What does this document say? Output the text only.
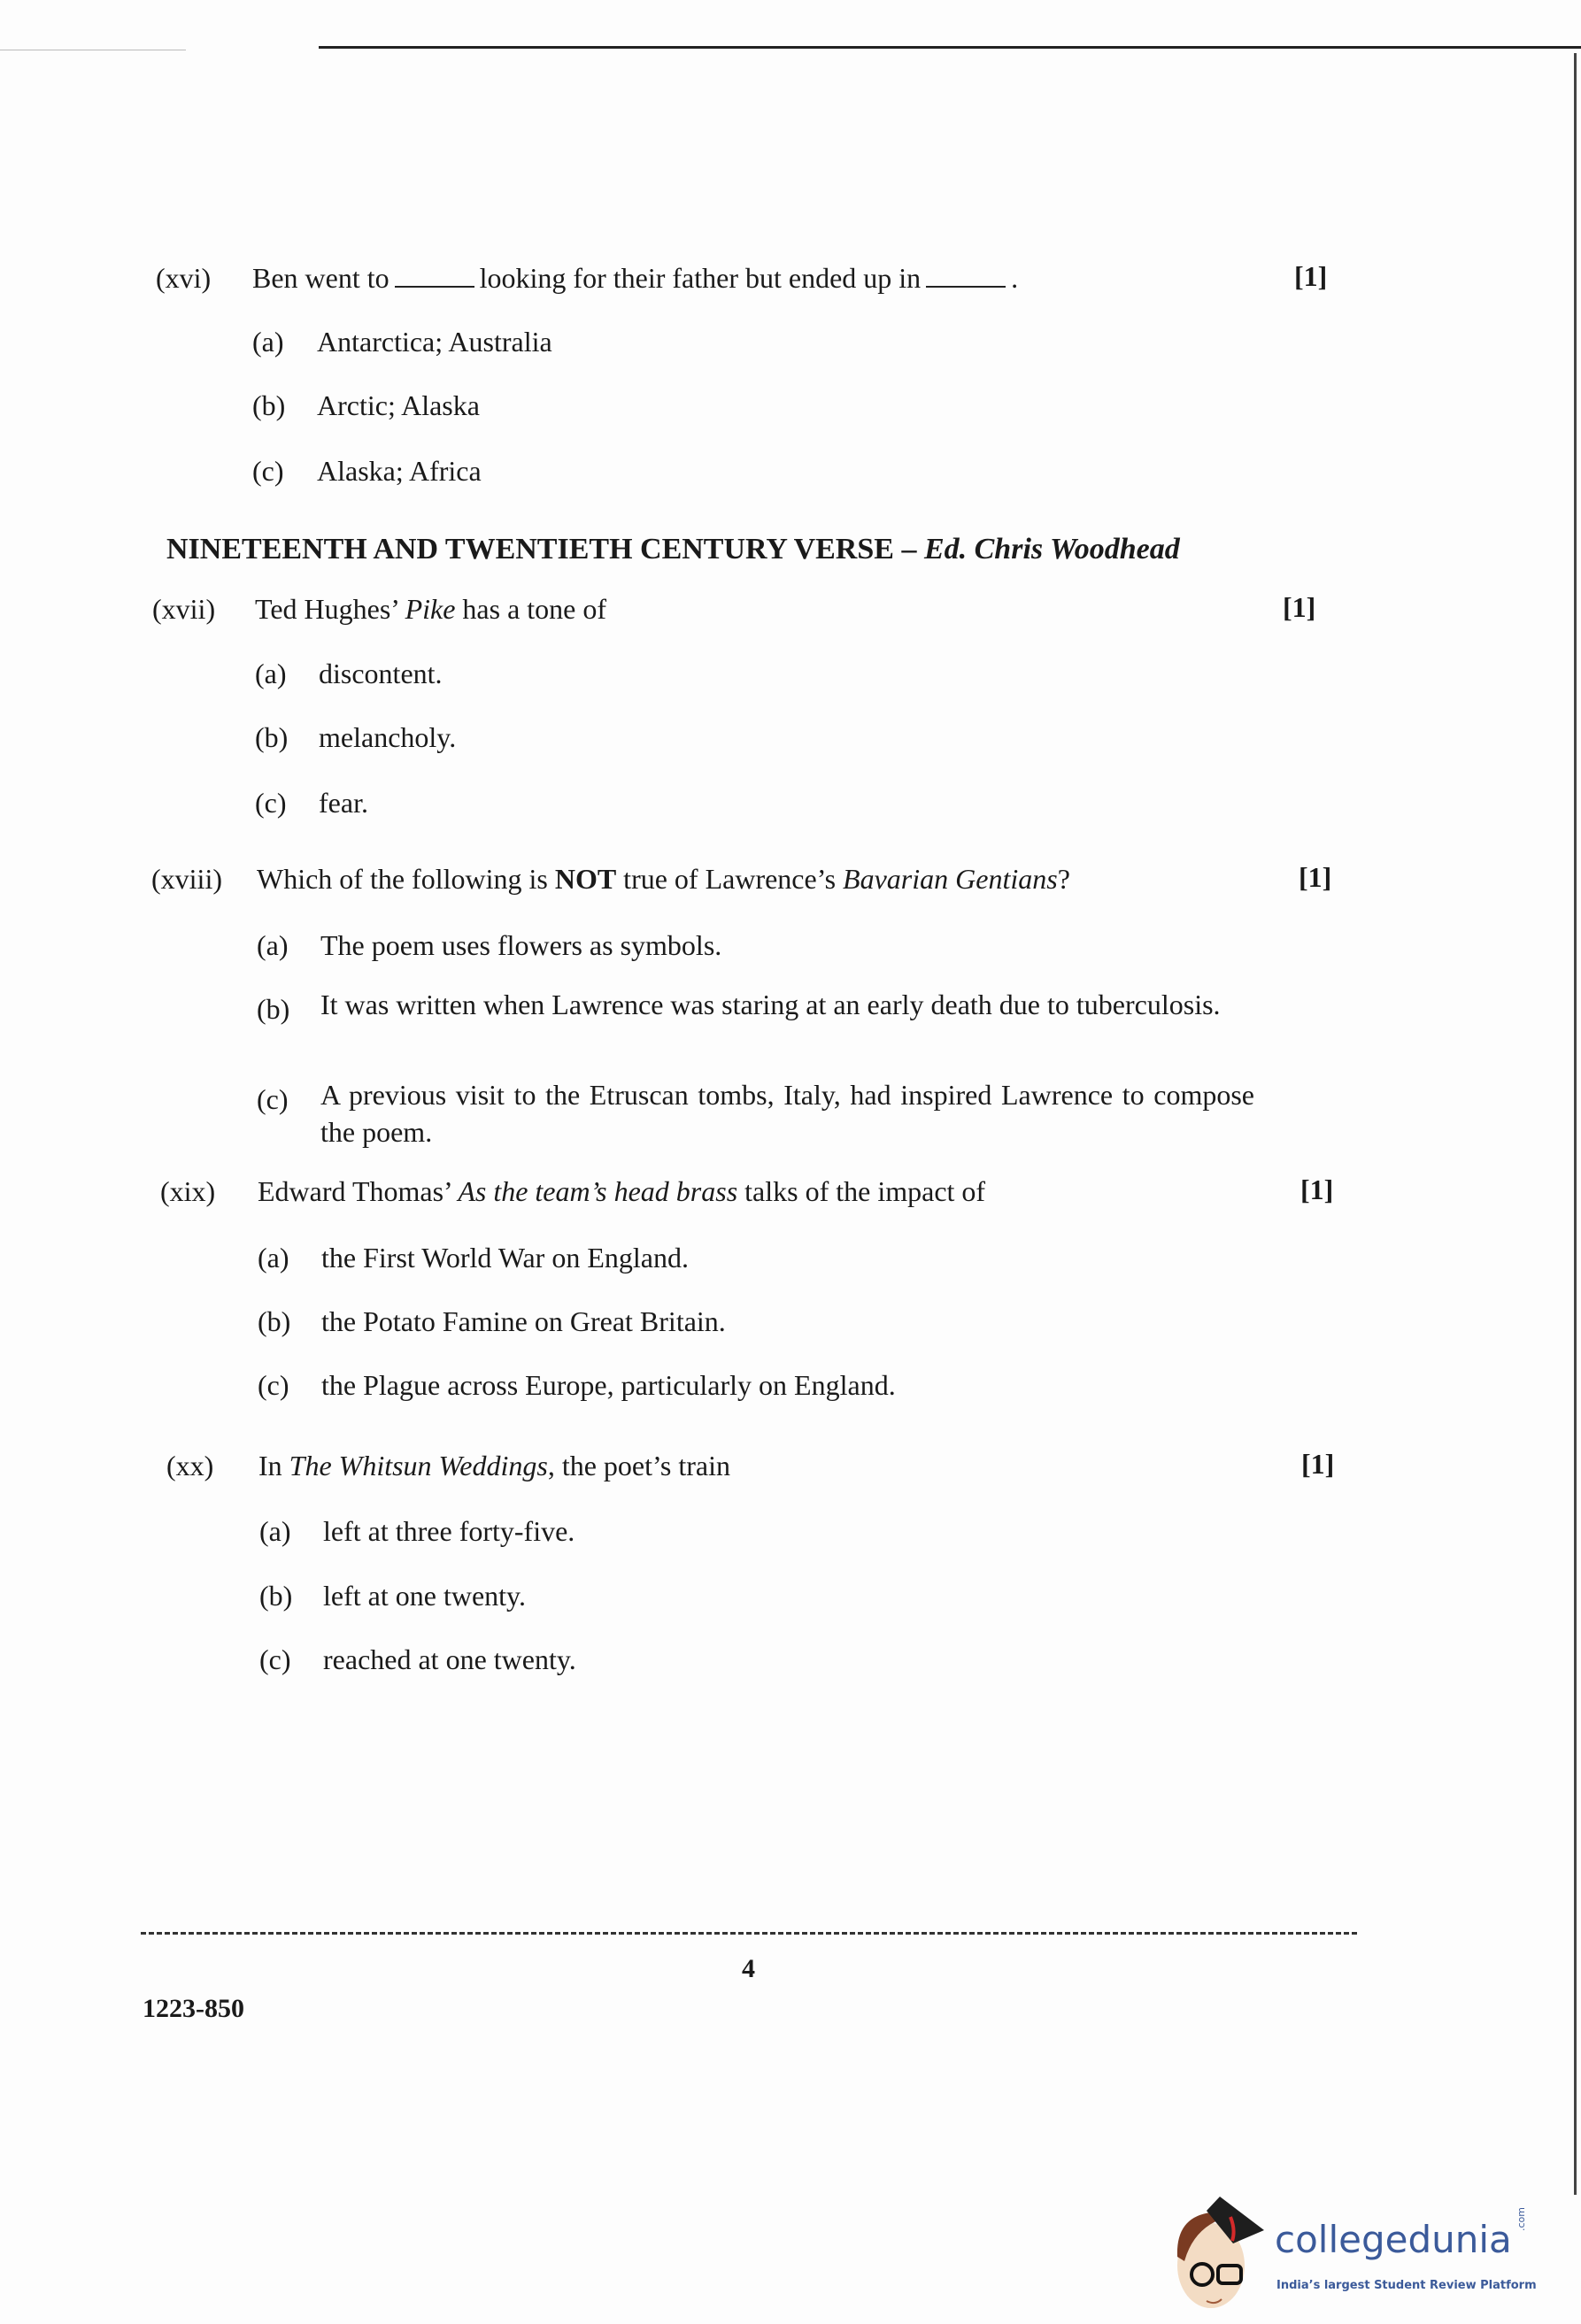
(xvi) Ben went to	looking for their father but ended up in	.	[1]
(a) Antarctica; Australia
(b) Arctic; Alaska
(c) Alaska; Africa
NINETEENTH AND TWENTIETH CENTURY VERSE – Ed. Chris Woodhead
(xvii) Ted Hughes’ Pike has a tone of	[1]
(a) discontent.
(b) melancholy.
(c) fear.
(xviii) Which of the following is NOT true of Lawrence’s Bavarian Gentians?	[1]
(a) The poem uses flowers as symbols.
(b) It was written when Lawrence was staring at an early death due to tuberculosis.
(c) A previous visit to the Etruscan tombs, Italy, had inspired Lawrence to compose the poem.
(xix) Edward Thomas’ As the team’s head brass talks of the impact of	[1]
(a) the First World War on England.
(b) the Potato Famine on Great Britain.
(c) the Plague across Europe, particularly on England.
(xx) In The Whitsun Weddings, the poet’s train	[1]
(a) left at three forty-five.
(b) left at one twenty.
(c) reached at one twenty.
4
1223-850
collegedunia .com
India’s largest Student Review Platform
